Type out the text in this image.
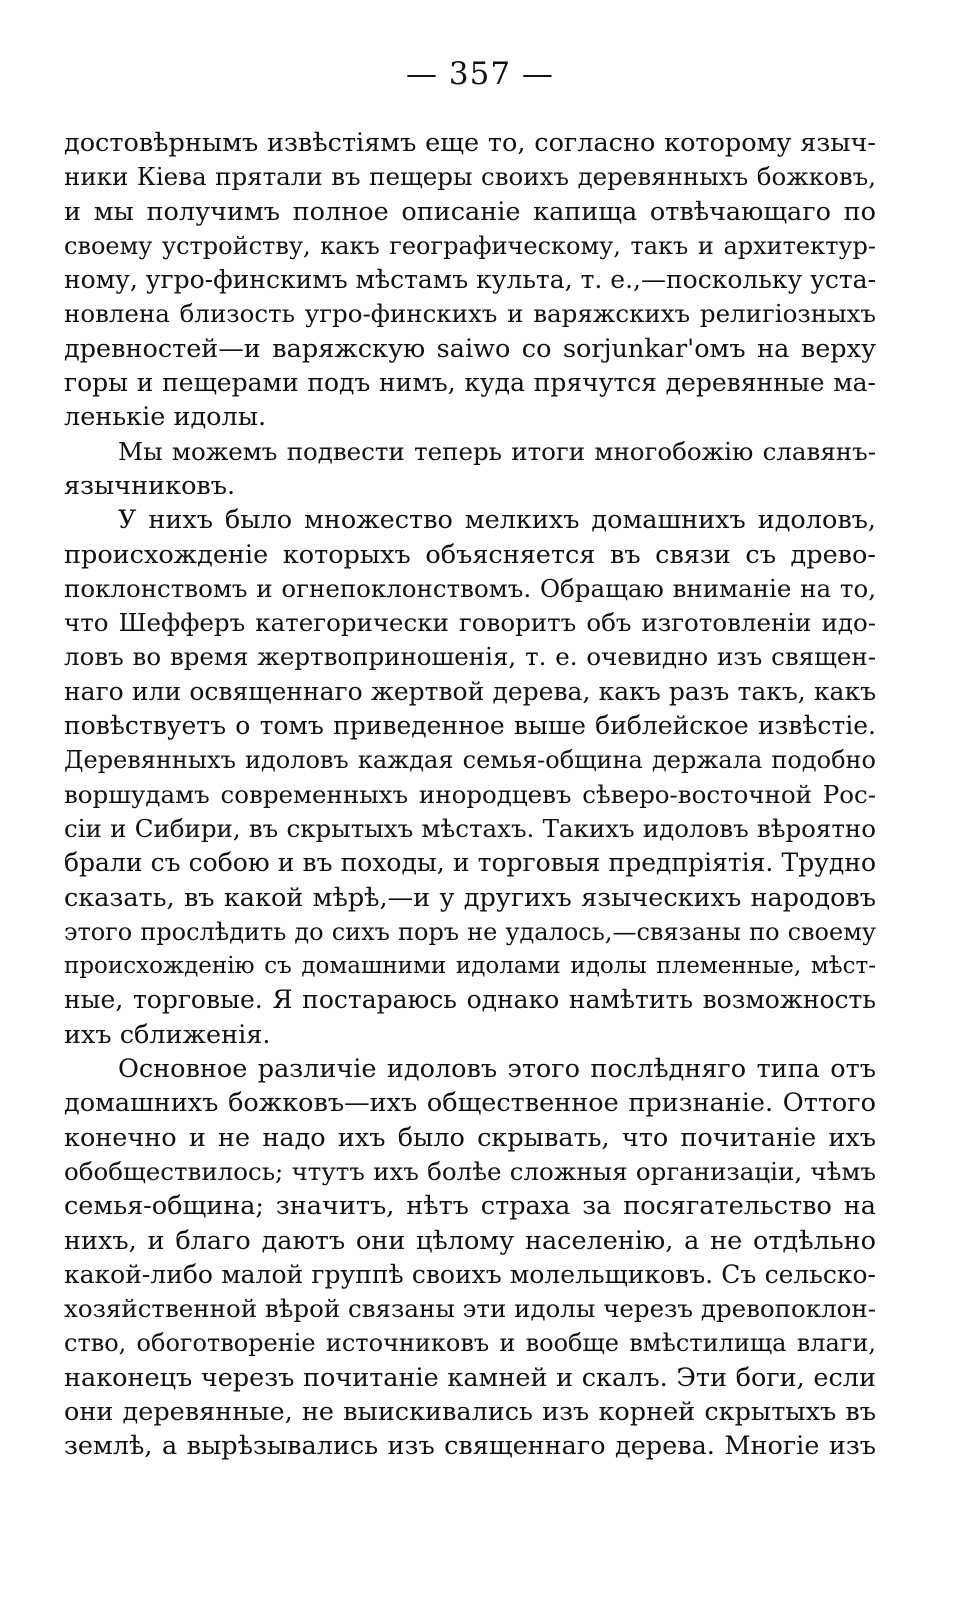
— 357 —
достовѣрнымъ извѣстіямъ еще то, согласно которому языч-
ники Кіева прятали въ пещеры своихъ деревянныхъ божковъ,
и мы получимъ полное описаніе капища отвѣчающаго по
своему устройству, какъ географическому, такъ и архитектур-
ному, угро-финскимъ мѣстамъ культа, т. е.,—поскольку уста-
новлена близость угро-финскихъ и варяжскихъ религіозныхъ
древностей—и варяжскую saiwo со sorjunkar'омъ на верху
горы и пещерами подъ нимъ, куда прячутся деревянные ма-
ленькіе идолы.
Мы можемъ подвести теперь итоги многобожію славянъ-
язычниковъ.
У нихъ было множество мелкихъ домашнихъ идоловъ,
происхожденіе которыхъ объясняется въ связи съ древо-
поклонствомъ и огнепоклонствомъ. Обращаю вниманіе на то,
что Шефферъ категорически говоритъ объ изготовленіи идо-
ловъ во время жертвоприношенія, т. е. очевидно изъ священ-
наго или освященнаго жертвой дерева, какъ разъ такъ, какъ
повѣствуетъ о томъ приведенное выше библейское извѣстіе.
Деревянныхъ идоловъ каждая семья-община держала подобно
воршудамъ современныхъ инородцевъ сѣверо-восточной Рос-
сіи и Сибири, въ скрытыхъ мѣстахъ. Такихъ идоловъ вѣроятно
брали съ собою и въ походы, и торговыя предпріятія. Трудно
сказать, въ какой мѣрѣ,—и у другихъ языческихъ народовъ
этого прослѣдить до сихъ поръ не удалось,—связаны по своему
происхожденію съ домашними идолами идолы племенные, мѣст-
ные, торговые. Я постараюсь однако намѣтить возможность
ихъ сближенія.
Основное различіе идоловъ этого послѣдняго типа отъ
домашнихъ божковъ—ихъ общественное признаніе. Оттого
конечно и не надо ихъ было скрывать, что почитаніе ихъ
обобществилось; чтутъ ихъ болѣе сложныя организаціи, чѣмъ
семья-община; значитъ, нѣтъ страха за посягательство на
нихъ, и благо даютъ они цѣлому населенію, а не отдѣльно
какой-либо малой группѣ своихъ молельщиковъ. Съ сельско-
хозяйственной вѣрой связаны эти идолы черезъ древопоклон-
ство, обоготвореніе источниковъ и вообще вмѣстилища влаги,
наконецъ черезъ почитаніе камней и скалъ. Эти боги, если
они деревянные, не выискивались изъ корней скрытыхъ въ
землѣ, а вырѣзывались изъ священнаго дерева. Многіе изъ
